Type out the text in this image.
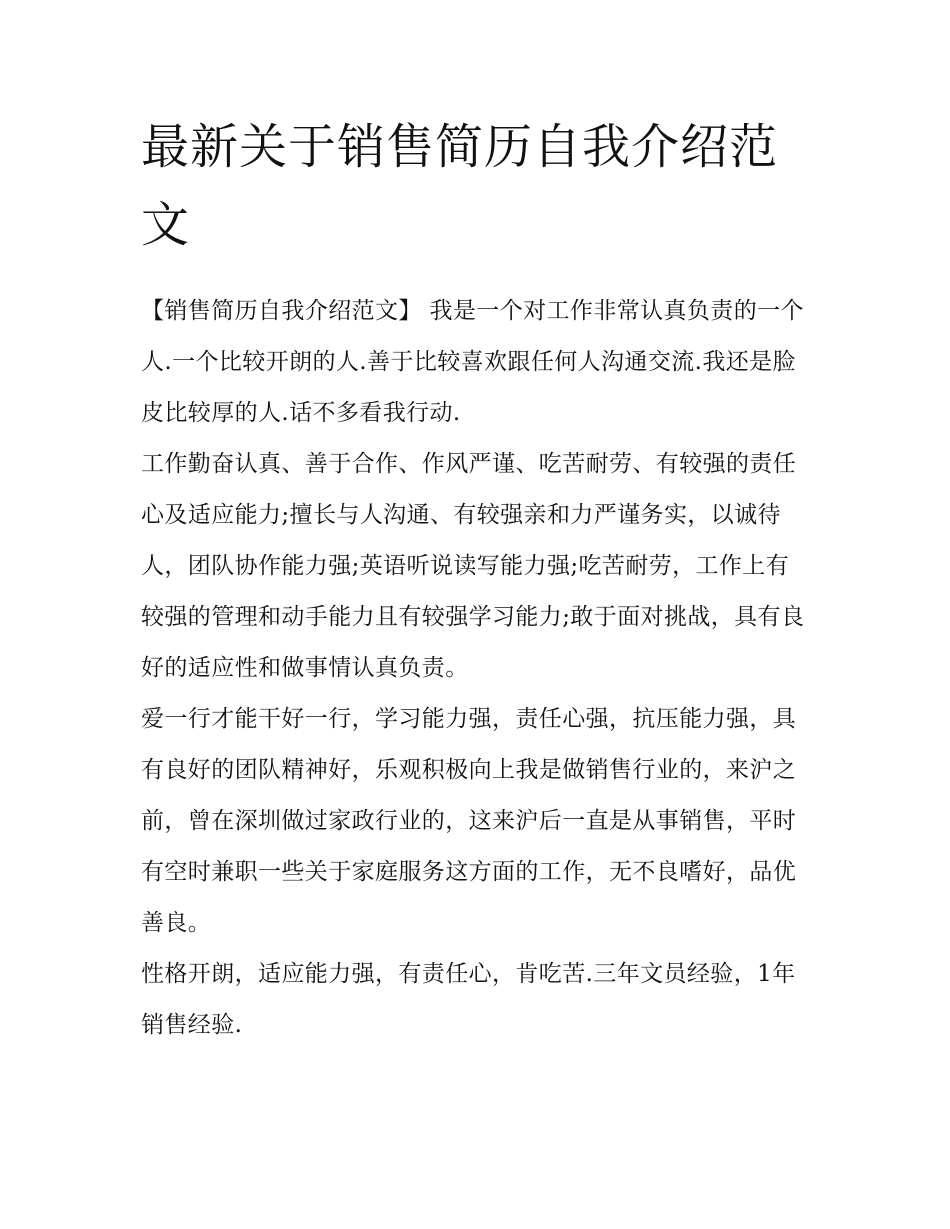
最新关于销售简历自我介绍范文

【销售简历自我介绍范文】 我是一个对工作非常认真负责的一个人.一个比较开朗的人.善于比较喜欢跟任何人沟通交流.我还是脸皮比较厚的人.话不多看我行动.

工作勤奋认真、善于合作、作风严谨、吃苦耐劳、有较强的责任心及适应能力;擅长与人沟通、有较强亲和力严谨务实，以诚待人，团队协作能力强;英语听说读写能力强;吃苦耐劳，工作上有较强的管理和动手能力且有较强学习能力;敢于面对挑战，具有良好的适应性和做事情认真负责。

爱一行才能干好一行，学习能力强，责任心强，抗压能力强，具有良好的团队精神好，乐观积极向上我是做销售行业的，来沪之前，曾在深圳做过家政行业的，这来沪后一直是从事销售，平时有空时兼职一些关于家庭服务这方面的工作，无不良嗜好，品优善良。

性格开朗，适应能力强，有责任心，肯吃苦.三年文员经验，1年销售经验.
